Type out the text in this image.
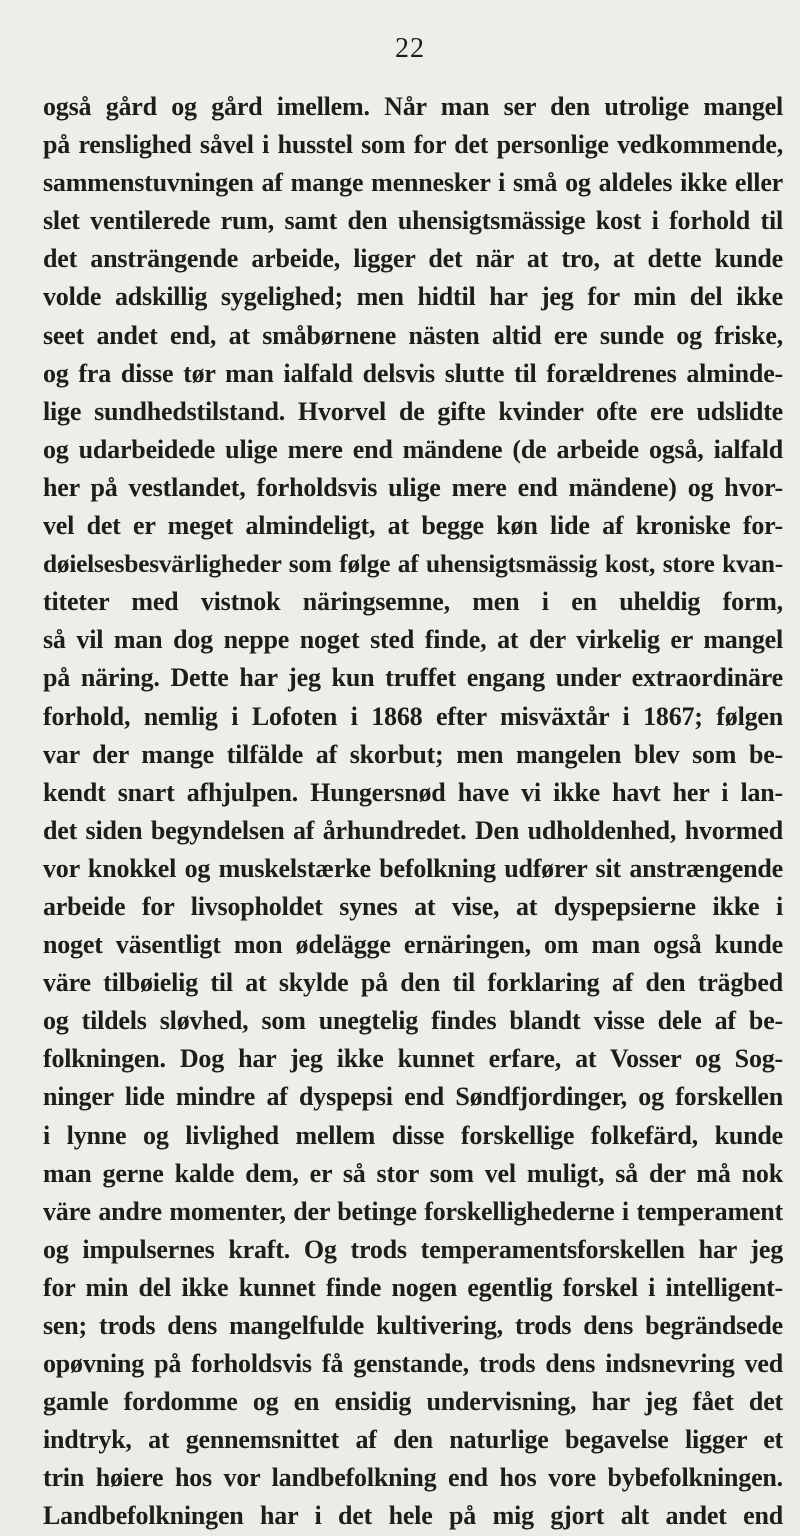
22
også gård og gård imellem. Når man ser den utrolige mangel
på renslighed såvel i husstel som for det personlige vedkommende,
sammenstuvningen af mange mennesker i små og aldeles ikke eller
slet ventilerede rum, samt den uhensigtsmässige kost i forhold til
det ansträngende arbeide, ligger det när at tro, at dette kunde
volde adskillig sygelighed; men hidtil har jeg for min del ikke
seet andet end, at småbørnene nästen altid ere sunde og friske,
og fra disse tør man ialfald delsvis slutte til forældrenes alminde-
lige sundhedstilstand. Hvorvel de gifte kvinder ofte ere udslidte
og udarbeidede ulige mere end mändene (de arbeide også, ialfald
her på vestlandet, forholdsvis ulige mere end mändene) og hvor-
vel det er meget almindeligt, at begge køn lide af kroniske for-
døielsesbesvärligheder som følge af uhensigtsmässig kost, store kvan-
titeter med vistnok näringsemne, men i en uheldig form,
så vil man dog neppe noget sted finde, at der virkelig er mangel
på näring. Dette har jeg kun truffet engang under extraordinäre
forhold, nemlig i Lofoten i 1868 efter misväxtår i 1867; følgen
var der mange tilfälde af skorbut; men mangelen blev som be-
kendt snart afhjulpen. Hungersnød have vi ikke havt her i lan-
det siden begyndelsen af århundredet. Den udholdenhed, hvormed
vor knokkel og muskelstærke befolkning udfører sit anstrængende
arbeide for livsopholdet synes at vise, at dyspepsierne ikke i
noget väsentligt mon ødelägge ernäringen, om man også kunde
väre tilbøielig til at skylde på den til forklaring af den trägbed
og tildels sløvhed, som unegtelig findes blandt visse dele af be-
folkningen. Dog har jeg ikke kunnet erfare, at Vosser og Sog-
ninger lide mindre af dyspepsi end Søndfjordinger, og forskellen
i lynne og livlighed mellem disse forskellige folkefärd, kunde
man gerne kalde dem, er så stor som vel muligt, så der må nok
väre andre momenter, der betinge forskellighederne i temperament
og impulsernes kraft. Og trods temperamentsforskellen har jeg
for min del ikke kunnet finde nogen egentlig forskel i intelligent-
sen; trods dens mangelfulde kultivering, trods dens begrändsede
opøvning på forholdsvis få genstande, trods dens indsnevring ved
gamle fordomme og en ensidig undervisning, har jeg fået det
indtryk, at gennemsnittet af den naturlige begavelse ligger et
trin høiere hos vor landbefolkning end hos vore bybefolkningen.
Landbefolkningen har i det hele på mig gjort alt andet end
